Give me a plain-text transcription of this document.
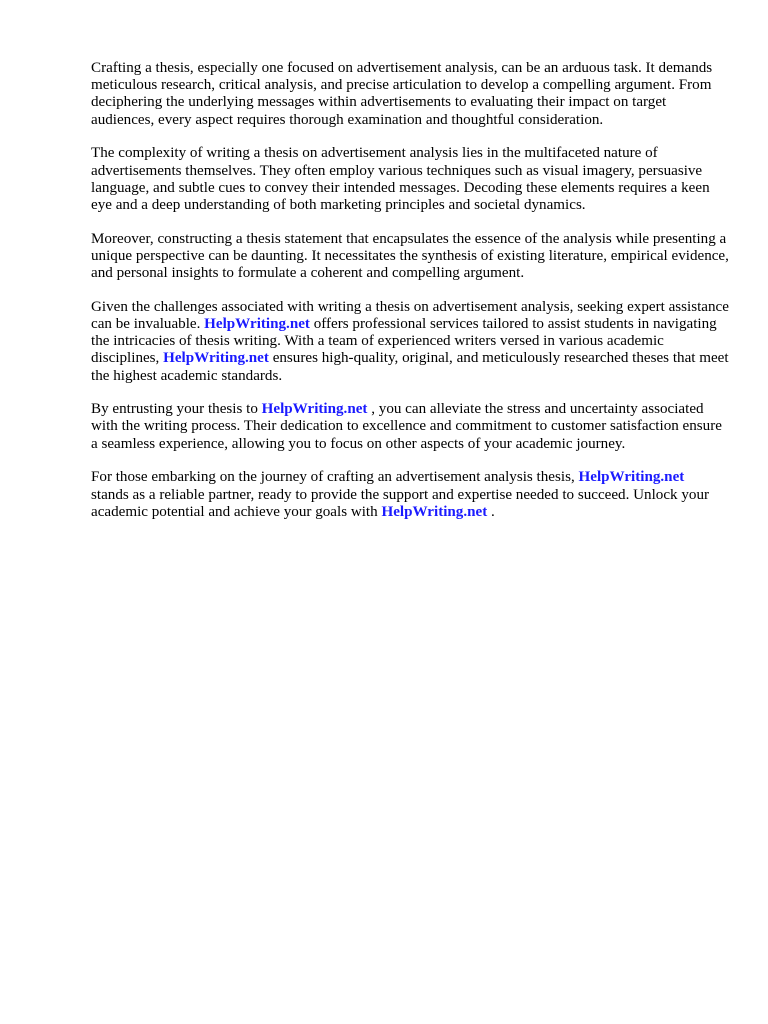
Crafting a thesis, especially one focused on advertisement analysis, can be an arduous task. It demands meticulous research, critical analysis, and precise articulation to develop a compelling argument. From deciphering the underlying messages within advertisements to evaluating their impact on target audiences, every aspect requires thorough examination and thoughtful consideration.

The complexity of writing a thesis on advertisement analysis lies in the multifaceted nature of advertisements themselves. They often employ various techniques such as visual imagery, persuasive language, and subtle cues to convey their intended messages. Decoding these elements requires a keen eye and a deep understanding of both marketing principles and societal dynamics.

Moreover, constructing a thesis statement that encapsulates the essence of the analysis while presenting a unique perspective can be daunting. It necessitates the synthesis of existing literature, empirical evidence, and personal insights to formulate a coherent and compelling argument.

Given the challenges associated with writing a thesis on advertisement analysis, seeking expert assistance can be invaluable. HelpWriting.net offers professional services tailored to assist students in navigating the intricacies of thesis writing. With a team of experienced writers versed in various academic disciplines, HelpWriting.net ensures high-quality, original, and meticulously researched theses that meet the highest academic standards.

By entrusting your thesis to HelpWriting.net , you can alleviate the stress and uncertainty associated with the writing process. Their dedication to excellence and commitment to customer satisfaction ensure a seamless experience, allowing you to focus on other aspects of your academic journey.

For those embarking on the journey of crafting an advertisement analysis thesis, HelpWriting.net
stands as a reliable partner, ready to provide the support and expertise needed to succeed. Unlock your academic potential and achieve your goals with HelpWriting.net .
